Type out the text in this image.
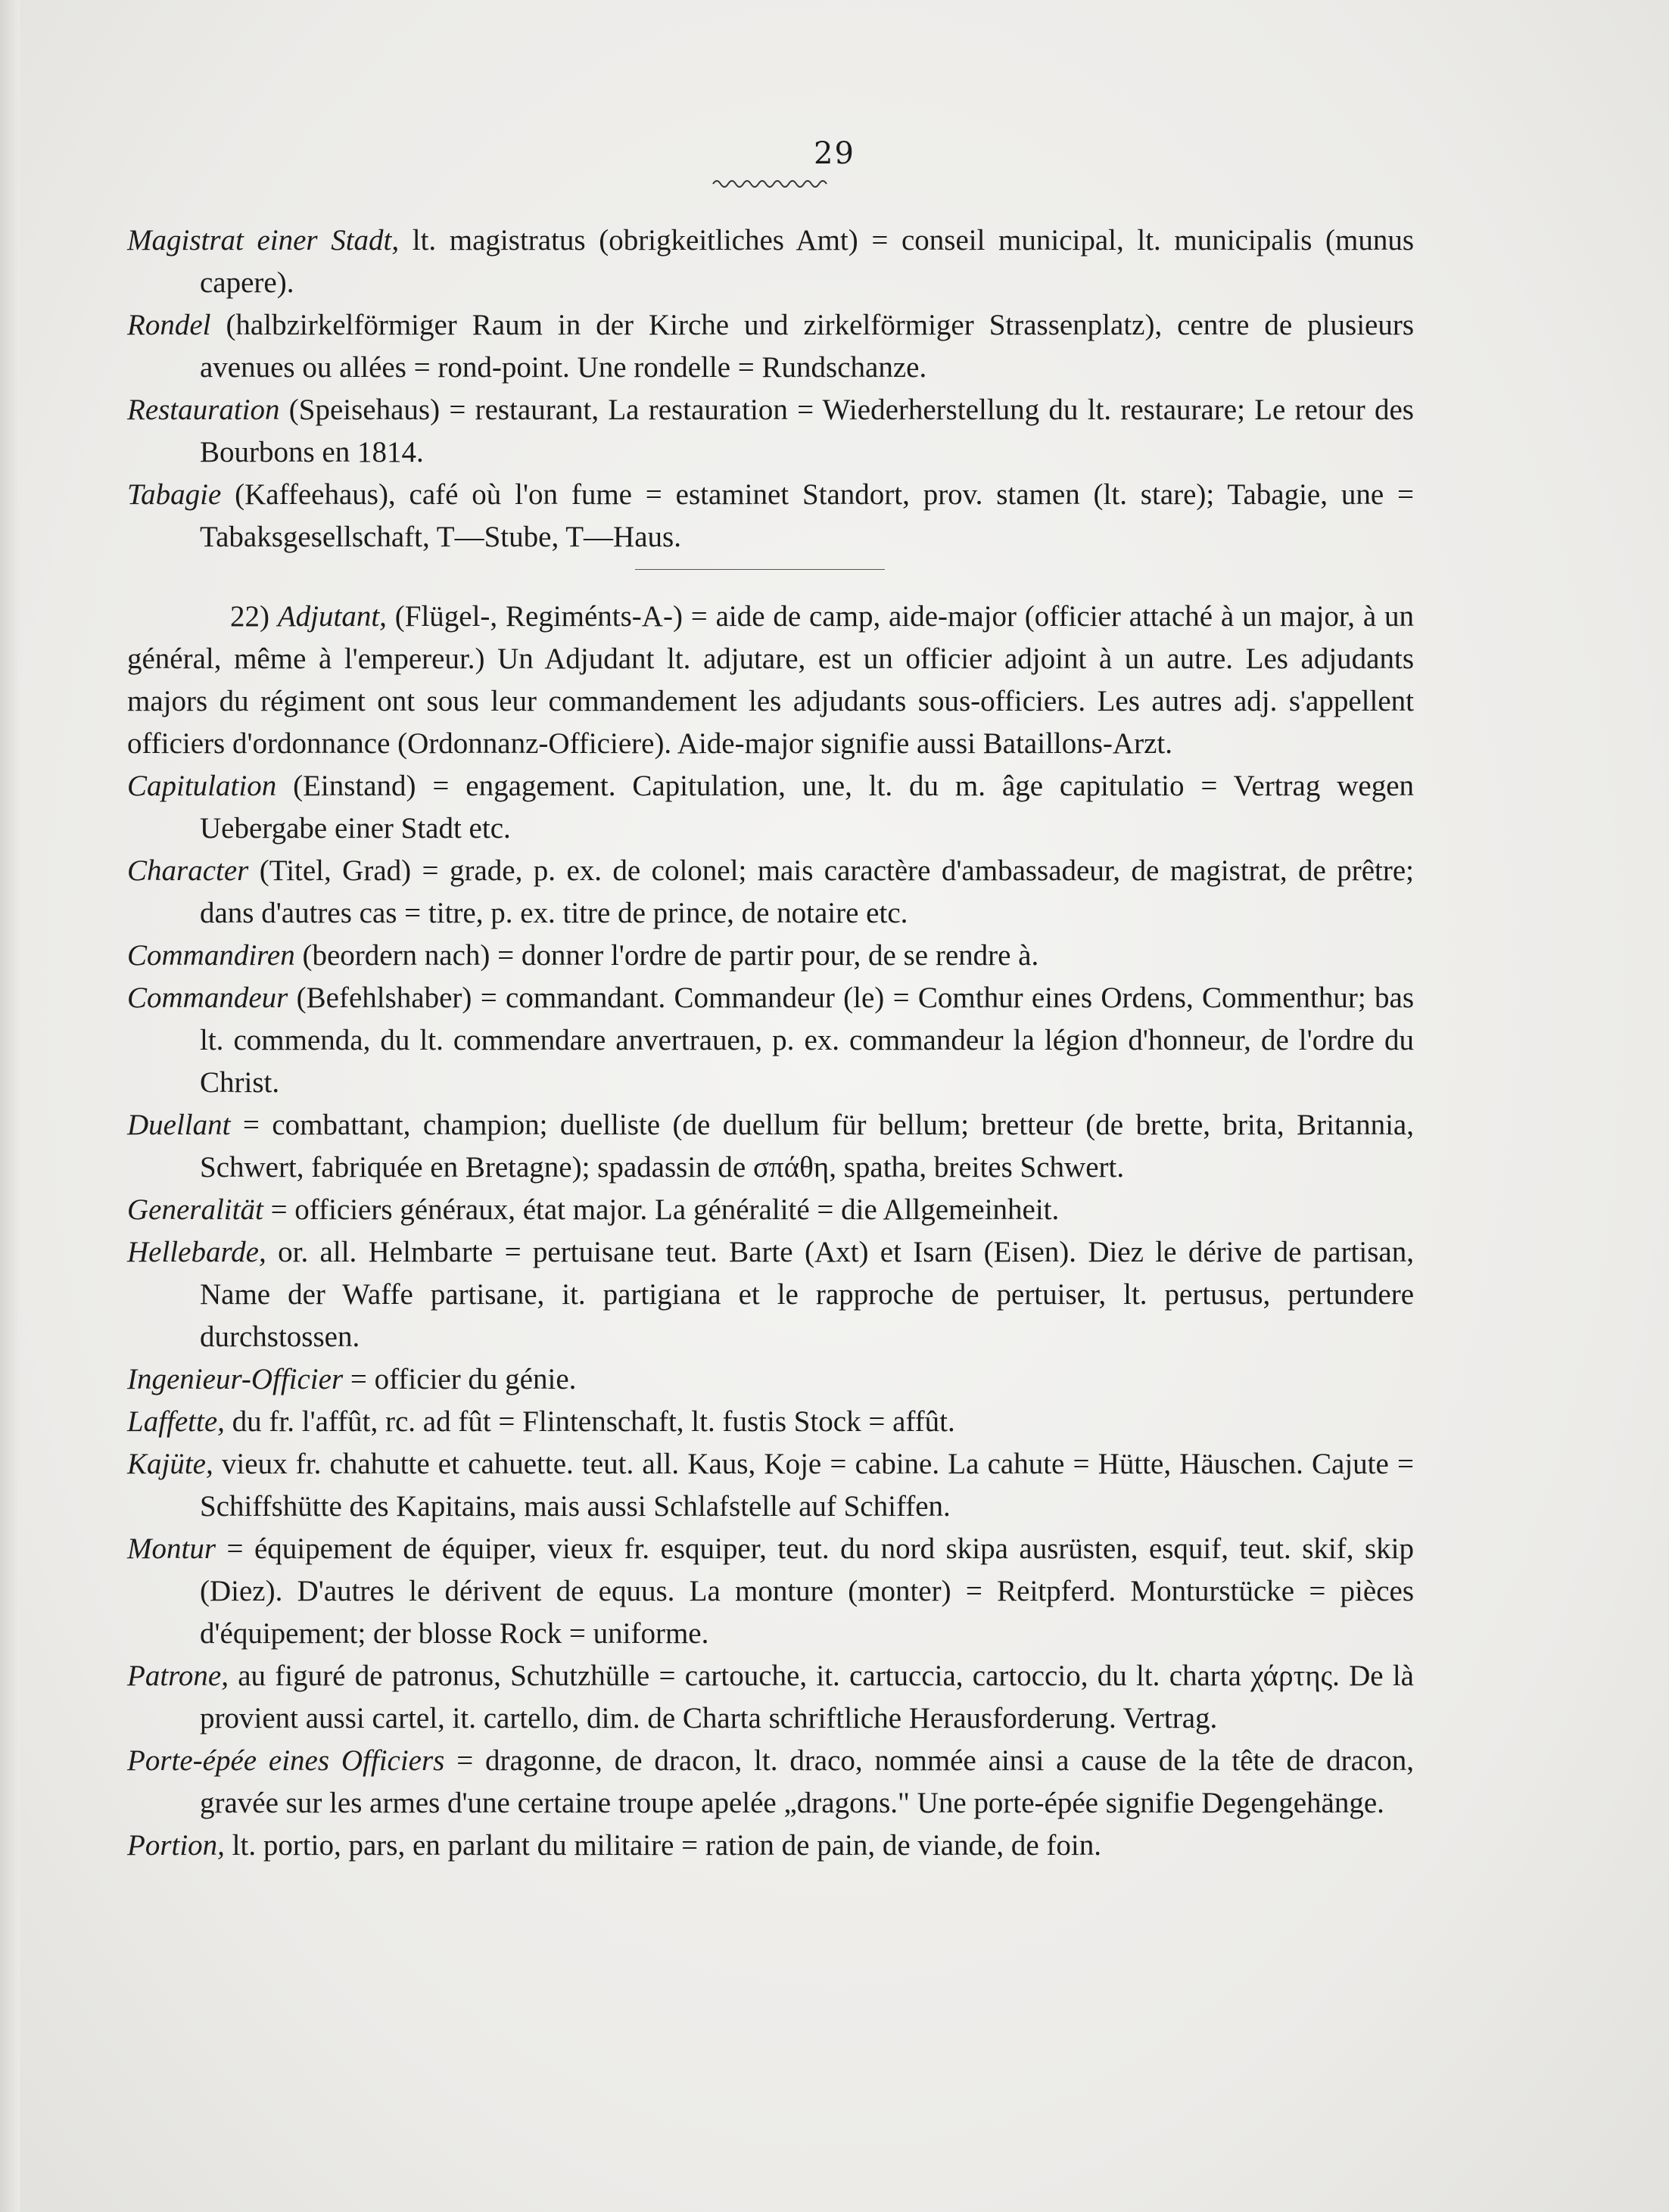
29

Magistrat einer Stadt, lt. magistratus (obrigkeitliches Amt) = conseil municipal, lt. municipalis (munus capere).

Rondel (halbzirkelförmiger Raum in der Kirche und zirkelförmiger Strassenplatz), centre de plusieurs avenues ou allées = rond-point. Une rondelle = Rundschanze.

Restauration (Speisehaus) = restaurant, La restauration = Wiederherstellung du lt. restaurare; Le retour des Bourbons en 1814.

Tabagie (Kaffeehaus), café où l'on fume = estaminet Standort, prov. stamen (lt. stare); Tabagie, une = Tabaksgesellschaft, T—Stube, T—Haus.

22) Adjutant, (Flügel-, Regiménts-A-) = aide de camp, aide-major (officier attaché à un major, à un général, même à l'empereur.) Un Adjudant lt. adjutare, est un officier adjoint à un autre. Les adjudants majors du régiment ont sous leur commandement les adjudants sous-officiers. Les autres adj. s'appellent officiers d'ordonnance (Ordonnanz-Officiere). Aide-major signifie aussi Bataillons-Arzt.

Capitulation (Einstand) = engagement. Capitulation, une, lt. du m. âge capitulatio = Vertrag wegen Uebergabe einer Stadt etc.

Character (Titel, Grad) = grade, p. ex. de colonel; mais caractère d'ambassadeur, de magistrat, de prêtre; dans d'autres cas = titre, p. ex. titre de prince, de notaire etc.

Commandiren (beordern nach) = donner l'ordre de partir pour, de se rendre à.

Commandeur (Befehlshaber) = commandant. Commandeur (le) = Comthur eines Ordens, Commenthur; bas lt. commenda, du lt. commendare anvertrauen, p. ex. commandeur la légion d'honneur, de l'ordre du Christ.

Duellant = combattant, champion; duelliste (de duellum für bellum; bretteur (de brette, brita, Britannia, Schwert, fabriquée en Bretagne); spadassin de σπάθη, spatha, breites Schwert.

Generalität = officiers généraux, état major. La généralité = die Allgemeinheit.

Hellebarde, or. all. Helmbarte = pertuisane teut. Barte (Axt) et Isarn (Eisen). Diez le dérive de partisan, Name der Waffe partisane, it. partigiana et le rapproche de pertuiser, lt. pertusus, pertundere durchstossen.

Ingenieur-Officier = officier du génie.

Laffette, du fr. l'affût, rc. ad fût = Flintenschaft, lt. fustis Stock = affût.

Kajüte, vieux fr. chahutte et cahuette. teut. all. Kaus, Koje = cabine. La cahute = Hütte, Häuschen. Cajute = Schiffshütte des Kapitains, mais aussi Schlafstelle auf Schiffen.

Montur = équipement de équiper, vieux fr. esquiper, teut. du nord skipa ausrüsten, esquif, teut. skif, skip (Diez). D'autres le dérivent de equus. La monture (monter) = Reitpferd. Monturstücke = pièces d'équipement; der blosse Rock = uniforme.

Patrone, au figuré de patronus, Schutzhülle = cartouche, it. cartuccia, cartoccio, du lt. charta χάρτης. De là provient aussi cartel, it. cartello, dim. de Charta schriftliche Herausforderung. Vertrag.

Porte-épée eines Officiers = dragonne, de dracon, lt. draco, nommée ainsi a cause de la tête de dracon, gravée sur les armes d'une certaine troupe apelée „dragons." Une porte-épée signifie Degengehänge.

Portion, lt. portio, pars, en parlant du militaire = ration de pain, de viande, de foin.
